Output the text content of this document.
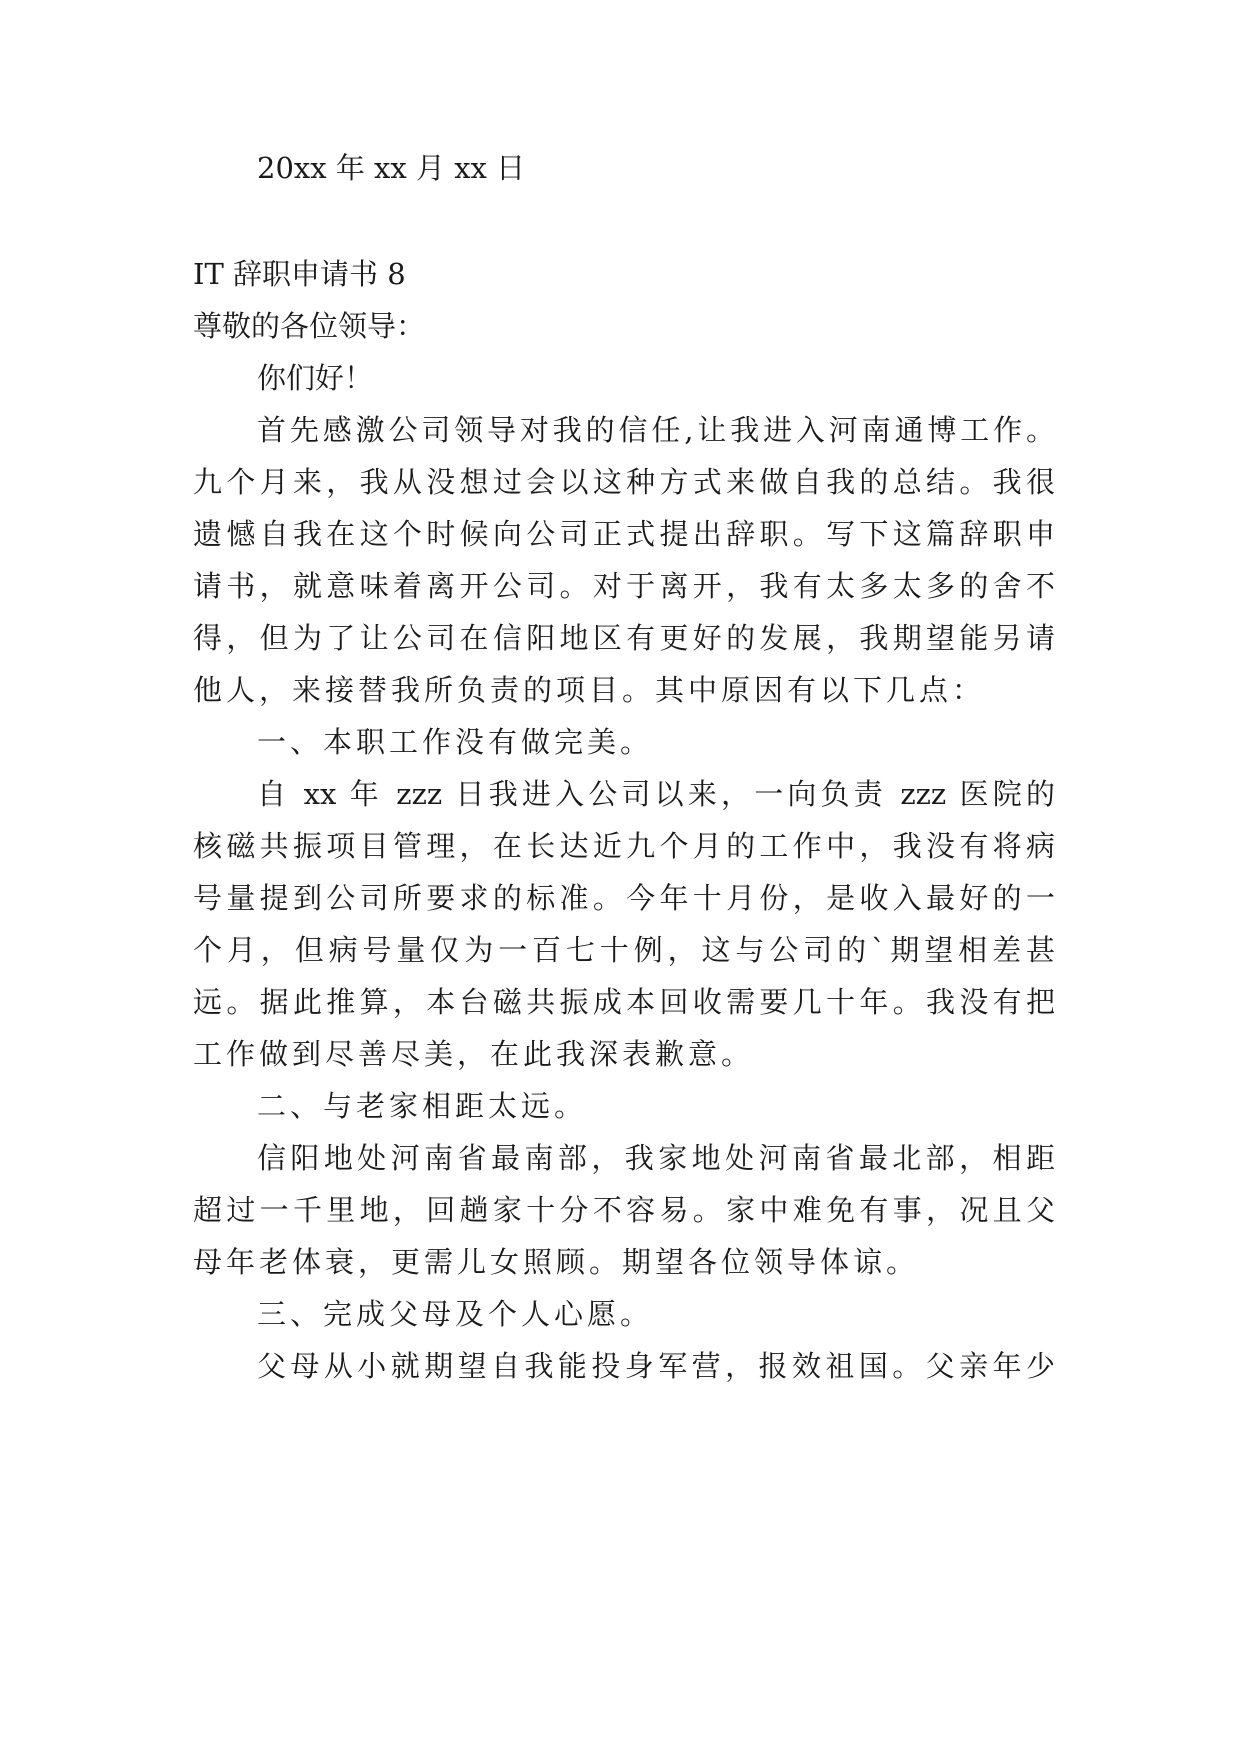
20xx 年 xx 月 xx 日
IT 辞职申请书 8
尊敬的各位领导：
你们好！
首先感激公司领导对我的信任,让我进入河南通博工作。
九个月来，我从没想过会以这种方式来做自我的总结。我很
遗憾自我在这个时候向公司正式提出辞职。写下这篇辞职申
请书，就意味着离开公司。对于离开，我有太多太多的舍不
得，但为了让公司在信阳地区有更好的发展，我期望能另请
他人，来接替我所负责的项目。其中原因有以下几点：
一、本职工作没有做完美。
自 xx 年 zzz 日我进入公司以来，一向负责 zzz 医院的
核磁共振项目管理，在长达近九个月的工作中，我没有将病
号量提到公司所要求的标准。今年十月份，是收入最好的一
个月，但病号量仅为一百七十例，这与公司的`期望相差甚
远。据此推算，本台磁共振成本回收需要几十年。我没有把
工作做到尽善尽美，在此我深表歉意。
二、与老家相距太远。
信阳地处河南省最南部，我家地处河南省最北部，相距
超过一千里地，回趟家十分不容易。家中难免有事，况且父
母年老体衰，更需儿女照顾。期望各位领导体谅。
三、完成父母及个人心愿。
父母从小就期望自我能投身军营，报效祖国。父亲年少
